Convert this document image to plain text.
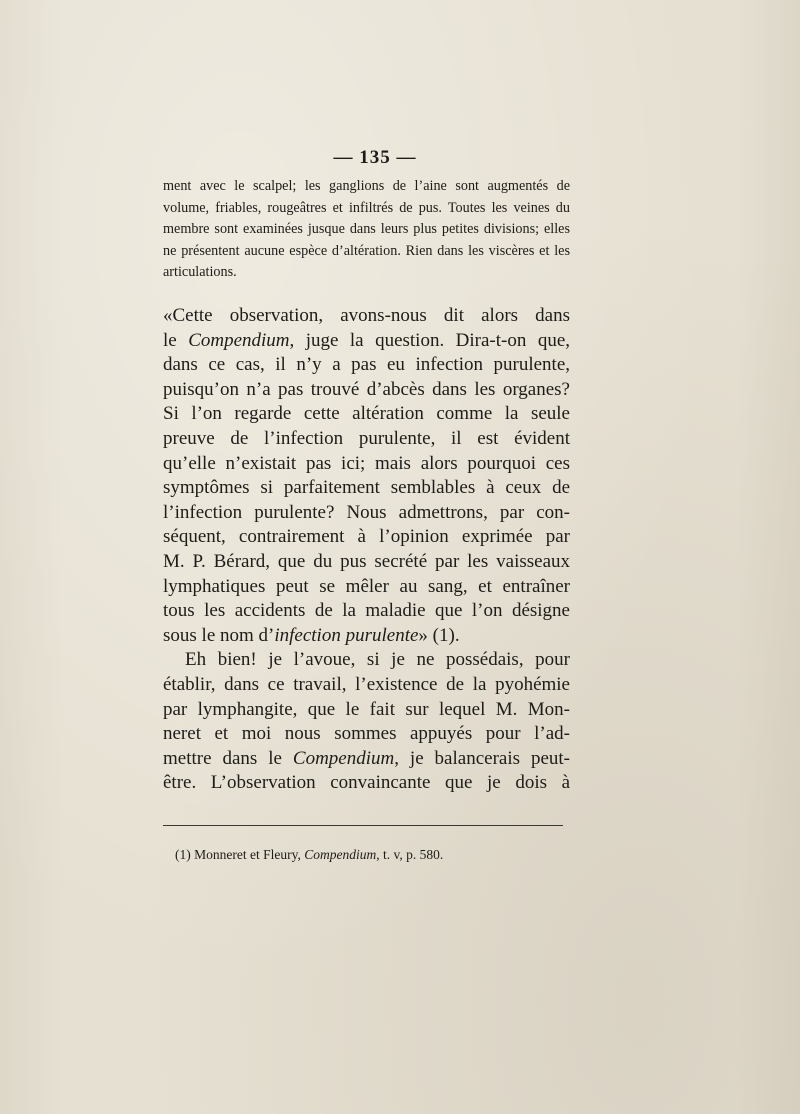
— 135 —

ment avec le scalpel; les ganglions de l’aine sont augmentés de volume, friables, rougeâtres et infiltrés de pus. Toutes les veines du membre sont examinées jusque dans leurs plus petites divisions; elles ne présentent aucune espèce d’altération. Rien dans les viscères et les articulations.

«Cette observation, avons-nous dit alors dans
le Compendium, juge la question. Dira-t-on que,
dans ce cas, il n’y a pas eu infection purulente,
puisqu’on n’a pas trouvé d’abcès dans les organes?
Si l’on regarde cette altération comme la seule
preuve de l’infection purulente, il est évident
qu’elle n’existait pas ici; mais alors pourquoi ces
symptômes si parfaitement semblables à ceux de
l’infection purulente? Nous admettrons, par con-
séquent, contrairement à l’opinion exprimée par
M. P. Bérard, que du pus secrété par les vaisseaux
lymphatiques peut se mêler au sang, et entraîner
tous les accidents de la maladie que l’on désigne
sous le nom d’infection purulente» (1).
Eh bien! je l’avoue, si je ne possédais, pour
établir, dans ce travail, l’existence de la pyohémie
par lymphangite, que le fait sur lequel M. Mon-
neret et moi nous sommes appuyés pour l’ad-
mettre dans le Compendium, je balancerais peut-
être. L’observation convaincante que je dois à
(1) Monneret et Fleury, Compendium, t. v, p. 580.
